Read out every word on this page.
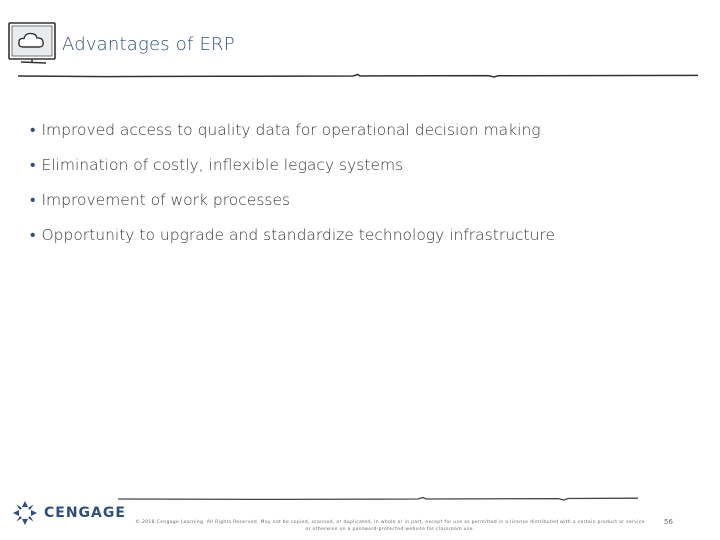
Advantages of ERP
• Improved access to quality data for operational decision making
• Elimination of costly, inflexible legacy systems
• Improvement of work processes
• Opportunity to upgrade and standardize technology infrastructure
CENGAGE
© 2018 Cengage Learning. All Rights Reserved. May not be copied, scanned, or duplicated, in whole or in part, except for use as permitted in a license distributed with a certain product or service
or otherwise on a password-protected website for classroom use.
56
